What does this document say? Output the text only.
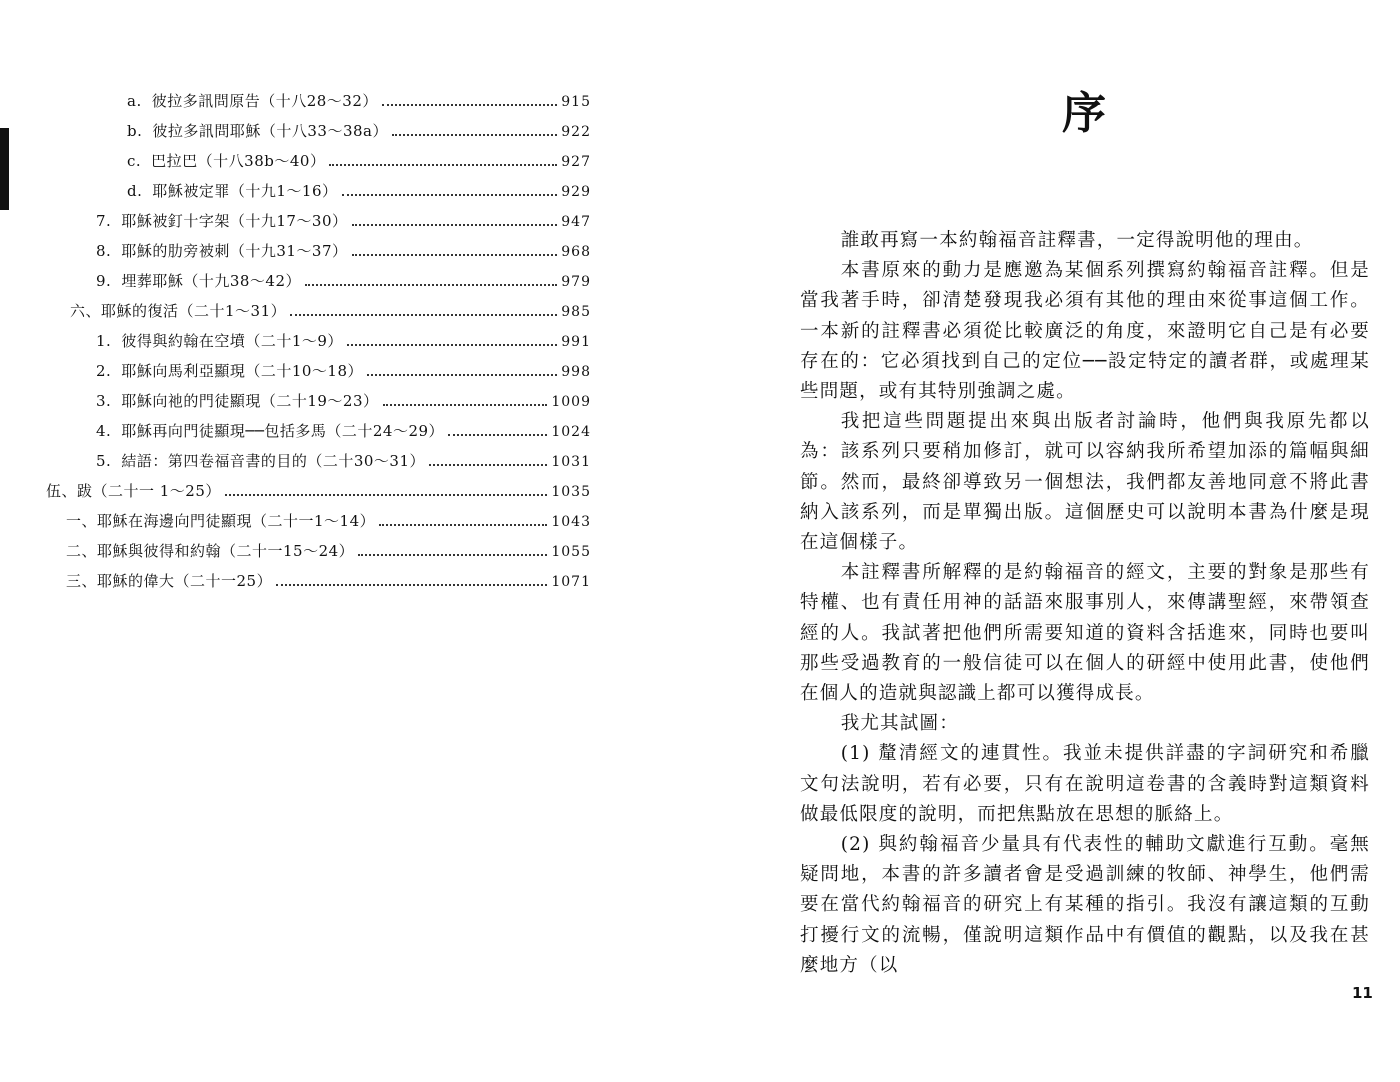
a. 彼拉多訊問原告（十八28～32）	915
b. 彼拉多訊問耶穌（十八33～38a）	922
c. 巴拉巴（十八38b～40）	927
d. 耶穌被定罪（十九1～16）	929
7. 耶穌被釘十字架（十九17～30）	947
8. 耶穌的肋旁被刺（十九31～37）	968
9. 埋葬耶穌（十九38～42）	979
六、耶穌的復活（二十1～31）	985
1. 彼得與約翰在空墳（二十1～9）	991
2. 耶穌向馬利亞顯現（二十10～18）	998
3. 耶穌向祂的門徒顯現（二十19～23）	1009
4. 耶穌再向門徒顯現──包括多馬（二十24～29）	1024
5. 結語：第四卷福音書的目的（二十30～31）	1031
伍、跋（二十一 1～25）	1035
一、耶穌在海邊向門徒顯現（二十一1～14）	1043
二、耶穌與彼得和約翰（二十一15～24）	1055
三、耶穌的偉大（二十一25）	1071
序

誰敢再寫一本約翰福音註釋書，一定得說明他的理由。

本書原來的動力是應邀為某個系列撰寫約翰福音註釋。但是當我著手時，卻清楚發現我必須有其他的理由來從事這個工作。一本新的註釋書必須從比較廣泛的角度，來證明它自己是有必要存在的：它必須找到自己的定位──設定特定的讀者群，或處理某些問題，或有其特別強調之處。

我把這些問題提出來與出版者討論時，他們與我原先都以為：該系列只要稍加修訂，就可以容納我所希望加添的篇幅與細節。然而，最終卻導致另一個想法，我們都友善地同意不將此書納入該系列，而是單獨出版。這個歷史可以說明本書為什麼是現在這個樣子。

本註釋書所解釋的是約翰福音的經文，主要的對象是那些有特權、也有責任用神的話語來服事別人，來傳講聖經，來帶領查經的人。我試著把他們所需要知道的資料含括進來，同時也要叫那些受過教育的一般信徒可以在個人的研經中使用此書，使他們在個人的造就與認識上都可以獲得成長。

我尤其試圖：

(1) 釐清經文的連貫性。我並未提供詳盡的字詞研究和希臘文句法說明，若有必要，只有在說明這卷書的含義時對這類資料做最低限度的說明，而把焦點放在思想的脈絡上。

(2) 與約翰福音少量具有代表性的輔助文獻進行互動。毫無疑問地，本書的許多讀者會是受過訓練的牧師、神學生，他們需要在當代約翰福音的研究上有某種的指引。我沒有讓這類的互動打擾行文的流暢，僅說明這類作品中有價值的觀點，以及我在甚麼地方（以

11
